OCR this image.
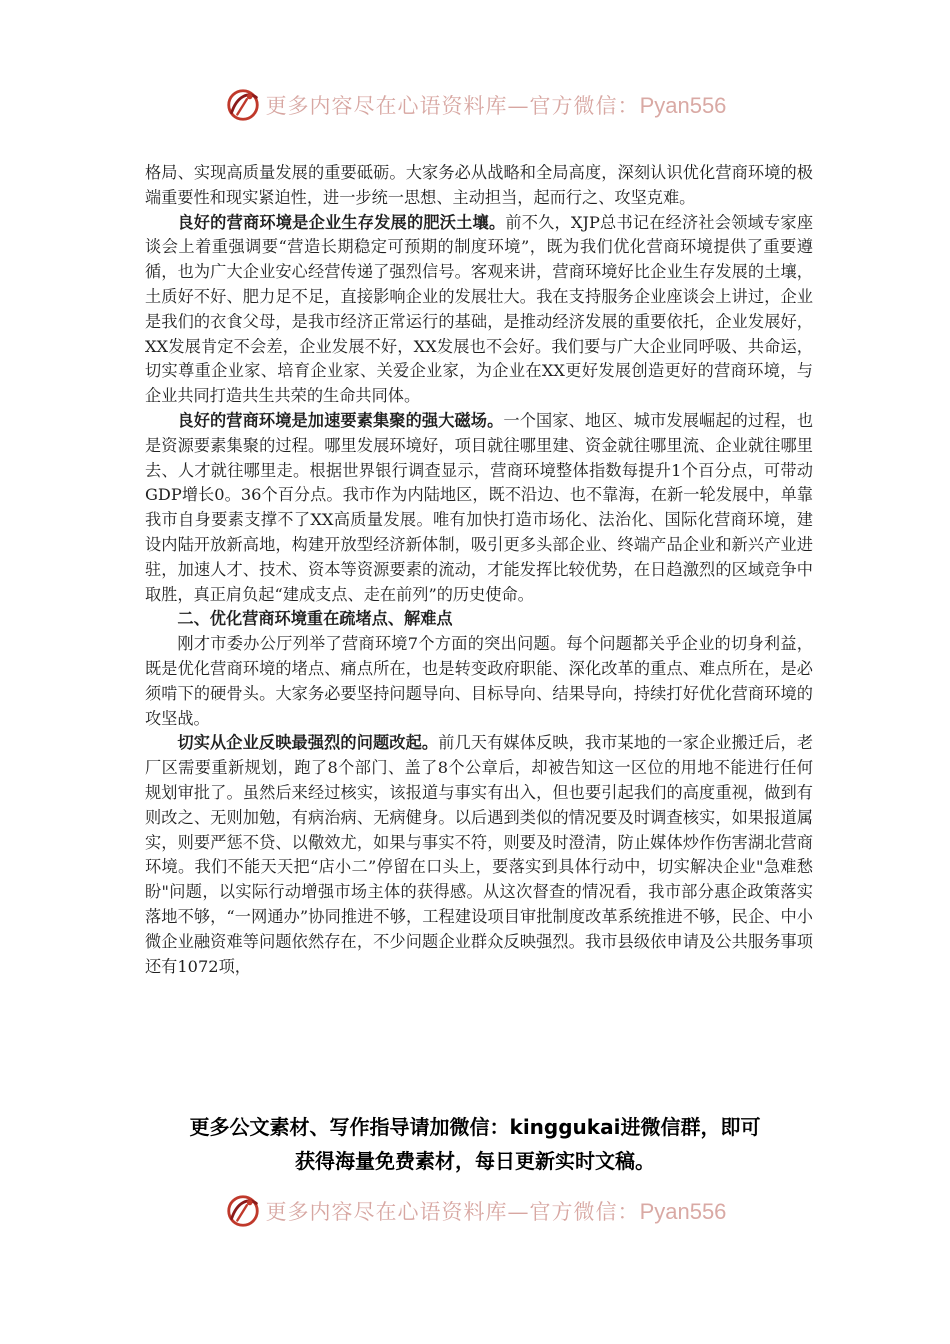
更多内容尽在心语资料库—官方微信：Pyan556

格局、实现高质量发展的重要砥砺。大家务必从战略和全局高度，深刻认识优化营商环境的极端重要性和现实紧迫性，进一步统一思想、主动担当，起而行之、攻坚克难。

良好的营商环境是企业生存发展的肥沃土壤。前不久，XJP总书记在经济社会领域专家座谈会上着重强调要“营造长期稳定可预期的制度环境”，既为我们优化营商环境提供了重要遵循，也为广大企业安心经营传递了强烈信号。客观来讲，营商环境好比企业生存发展的土壤，土质好不好、肥力足不足，直接影响企业的发展壮大。我在支持服务企业座谈会上讲过，企业是我们的衣食父母，是我市经济正常运行的基础，是推动经济发展的重要依托，企业发展好，XX发展肯定不会差，企业发展不好，XX发展也不会好。我们要与广大企业同呼吸、共命运，切实尊重企业家、培育企业家、关爱企业家，为企业在XX更好发展创造更好的营商环境，与企业共同打造共生共荣的生命共同体。

良好的营商环境是加速要素集聚的强大磁场。一个国家、地区、城市发展崛起的过程，也是资源要素集聚的过程。哪里发展环境好，项目就往哪里建、资金就往哪里流、企业就往哪里去、人才就往哪里走。根据世界银行调查显示，营商环境整体指数每提升1个百分点，可带动GDP增长0。36个百分点。我市作为内陆地区，既不沿边、也不靠海，在新一轮发展中，单靠我市自身要素支撑不了XX高质量发展。唯有加快打造市场化、法治化、国际化营商环境，建设内陆开放新高地，构建开放型经济新体制，吸引更多头部企业、终端产品企业和新兴产业进驻，加速人才、技术、资本等资源要素的流动，才能发挥比较优势，在日趋激烈的区域竞争中取胜，真正肩负起“建成支点、走在前列”的历史使命。

二、优化营商环境重在疏堵点、解难点

刚才市委办公厅列举了营商环境7个方面的突出问题。每个问题都关乎企业的切身利益，既是优化营商环境的堵点、痛点所在，也是转变政府职能、深化改革的重点、难点所在，是必须啃下的硬骨头。大家务必要坚持问题导向、目标导向、结果导向，持续打好优化营商环境的攻坚战。

切实从企业反映最强烈的问题改起。前几天有媒体反映，我市某地的一家企业搬迁后，老厂区需要重新规划，跑了8个部门、盖了8个公章后，却被告知这一区位的用地不能进行任何规划审批了。虽然后来经过核实，该报道与事实有出入，但也要引起我们的高度重视，做到有则改之、无则加勉，有病治病、无病健身。以后遇到类似的情况要及时调查核实，如果报道属实，则要严惩不贷、以儆效尤，如果与事实不符，则要及时澄清，防止媒体炒作伤害湖北营商环境。我们不能天天把“店小二”停留在口头上，要落实到具体行动中，切实解决企业"急难愁盼"问题，以实际行动增强市场主体的获得感。从这次督查的情况看，我市部分惠企政策落实落地不够，“一网通办”协同推进不够，工程建设项目审批制度改革系统推进不够，民企、中小微企业融资难等问题依然存在，不少问题企业群众反映强烈。我市县级依申请及公共服务事项还有1072项，

更多公文素材、写作指导请加微信：kinggukai进微信群，即可
获得海量免费素材，每日更新实时文稿。
更多内容尽在心语资料库—官方微信：Pyan556
